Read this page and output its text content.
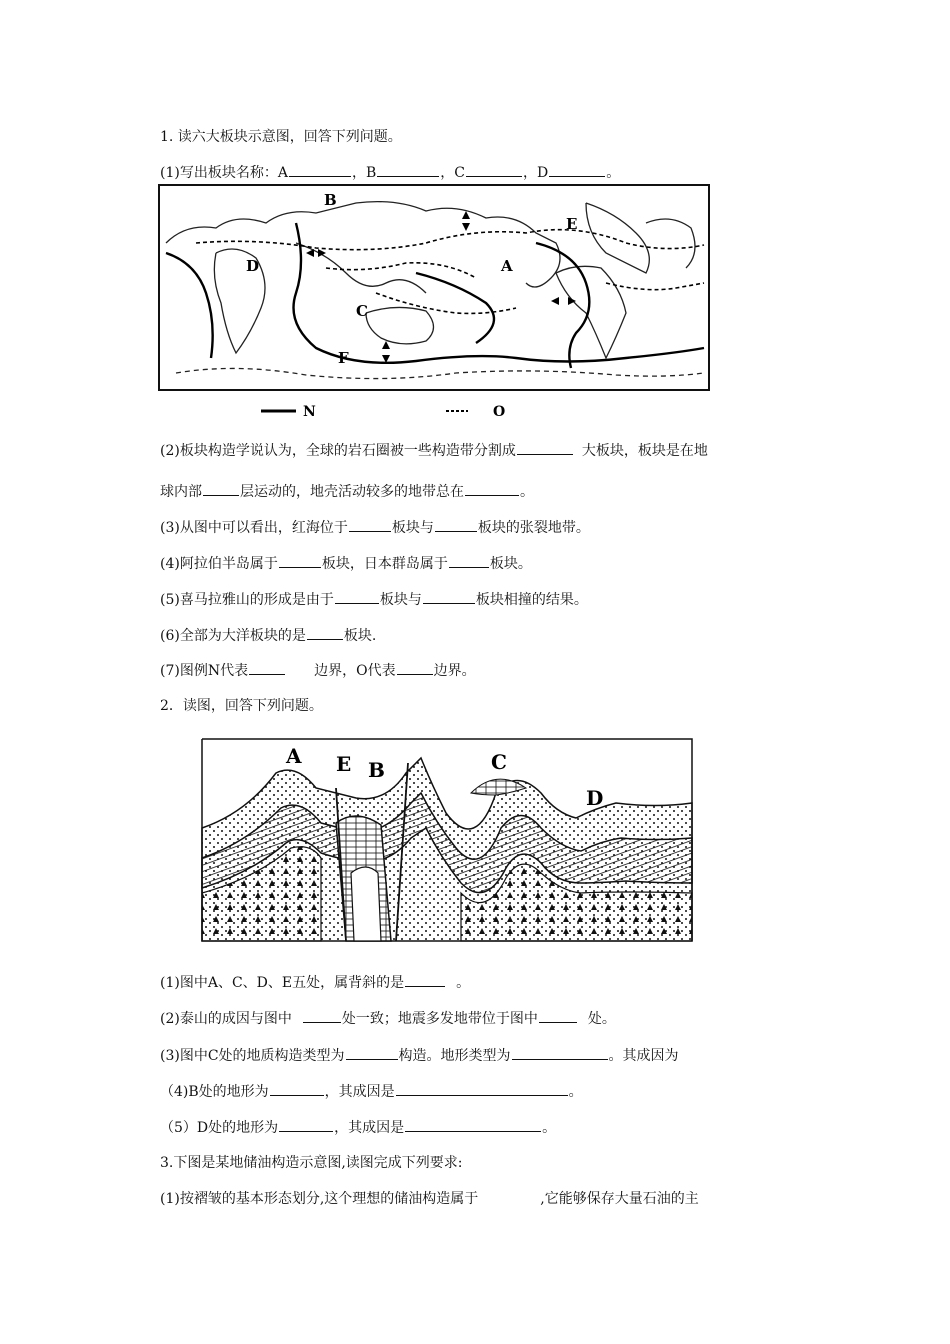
1. 读六大板块示意图，回答下列问题。
(1)写出板块名称：A	，B	，C	，D	。
A
B
C
D
E
F
N	O
(2)板块构造学说认为，全球的岩石圈被一些构造带分割成	大板块，板块是在地
球内部	层运动的，地壳活动较多的地带总在	。
(3)从图中可以看出，红海位于	板块与	板块的张裂地带。
(4)阿拉伯半岛属于	板块，日本群岛属于	板块。
(5)喜马拉雅山的形成是由于	板块与	板块相撞的结果。
(6)全部为大洋板块的是	板块.
(7)图例N代表	边界，O代表	边界。
2．读图，回答下列问题。
A E B	C
D
(1)图中A、C、D、E五处，属背斜的是	。
(2)泰山的成因与图中	处一致；地震多发地带位于图中	处。
(3)图中C处的地质构造类型为	构造。地形类型为	。其成因为
（4)B处的地形为	，其成因是	。
（5）D处的地形为	，其成因是	。
3.下图是某地储油构造示意图,读图完成下列要求:
(1)按褶皱的基本形态划分,这个理想的储油构造属于	,它能够保存大量石油的主
